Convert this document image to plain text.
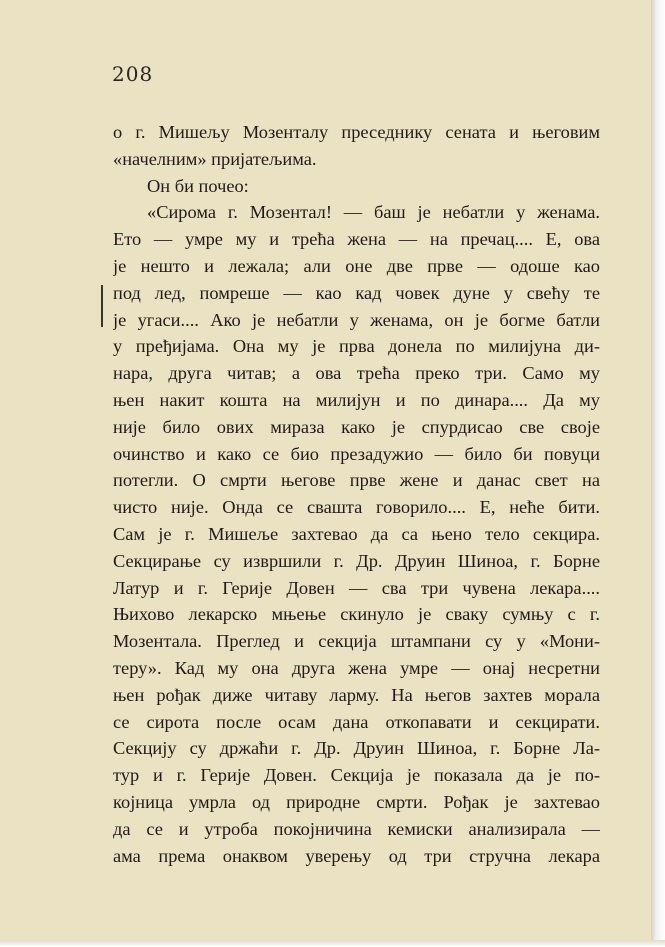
208
о г. Мишељу Мозенталу преседнику сената и његовим
«начелним» пријатељима.
Он би почео:
«Сирома г. Мозентал! — баш је небатли у женама.
Ето — умре му и трећа жена — на пречац.... Е, ова
је нешто и лежала; али оне две прве — одоше као
под лед, помреше — као кад човек дуне у свећу те
је угаси.... Ако је небатли у женама, он је богме батли
у пређијама. Она му је прва донела по милијуна ди-
нара, друга читав; а ова трећа преко три. Само му
њен накит кошта на милијун и по динара.... Да му
није било ових мираза како је спурдисао све своје
очинство и како се био презадужио — било би повуци
потегли. О смрти његове прве жене и данас свет на
чисто није. Онда се свашта говорило.... Е, неће бити.
Сам је г. Мишеље захтевао да са њено тело секцира.
Секцирање су извршили г. Др. Друин Шиноа, г. Борне
Латур и г. Герије Довен — сва три чувена лекара....
Њихово лекарско мњење скинуло је сваку сумњу с г.
Мозентала. Преглед и секција штампани су у «Мони-
теру». Кад му она друга жена умре — онај несретни
њен рођак диже читаву ларму. На његов захтев морала
се сирота после осам дана откопавати и секцирати.
Секцију су држаћи г. Др. Друин Шиноа, г. Борне Ла-
тур и г. Герије Довен. Секција је показала да је по-
којница умрла од природне смрти. Рођак је захтевао
да се и утроба покојничина кемиски анализирала —
ама према онаквом уверењу од три стручна лекара
